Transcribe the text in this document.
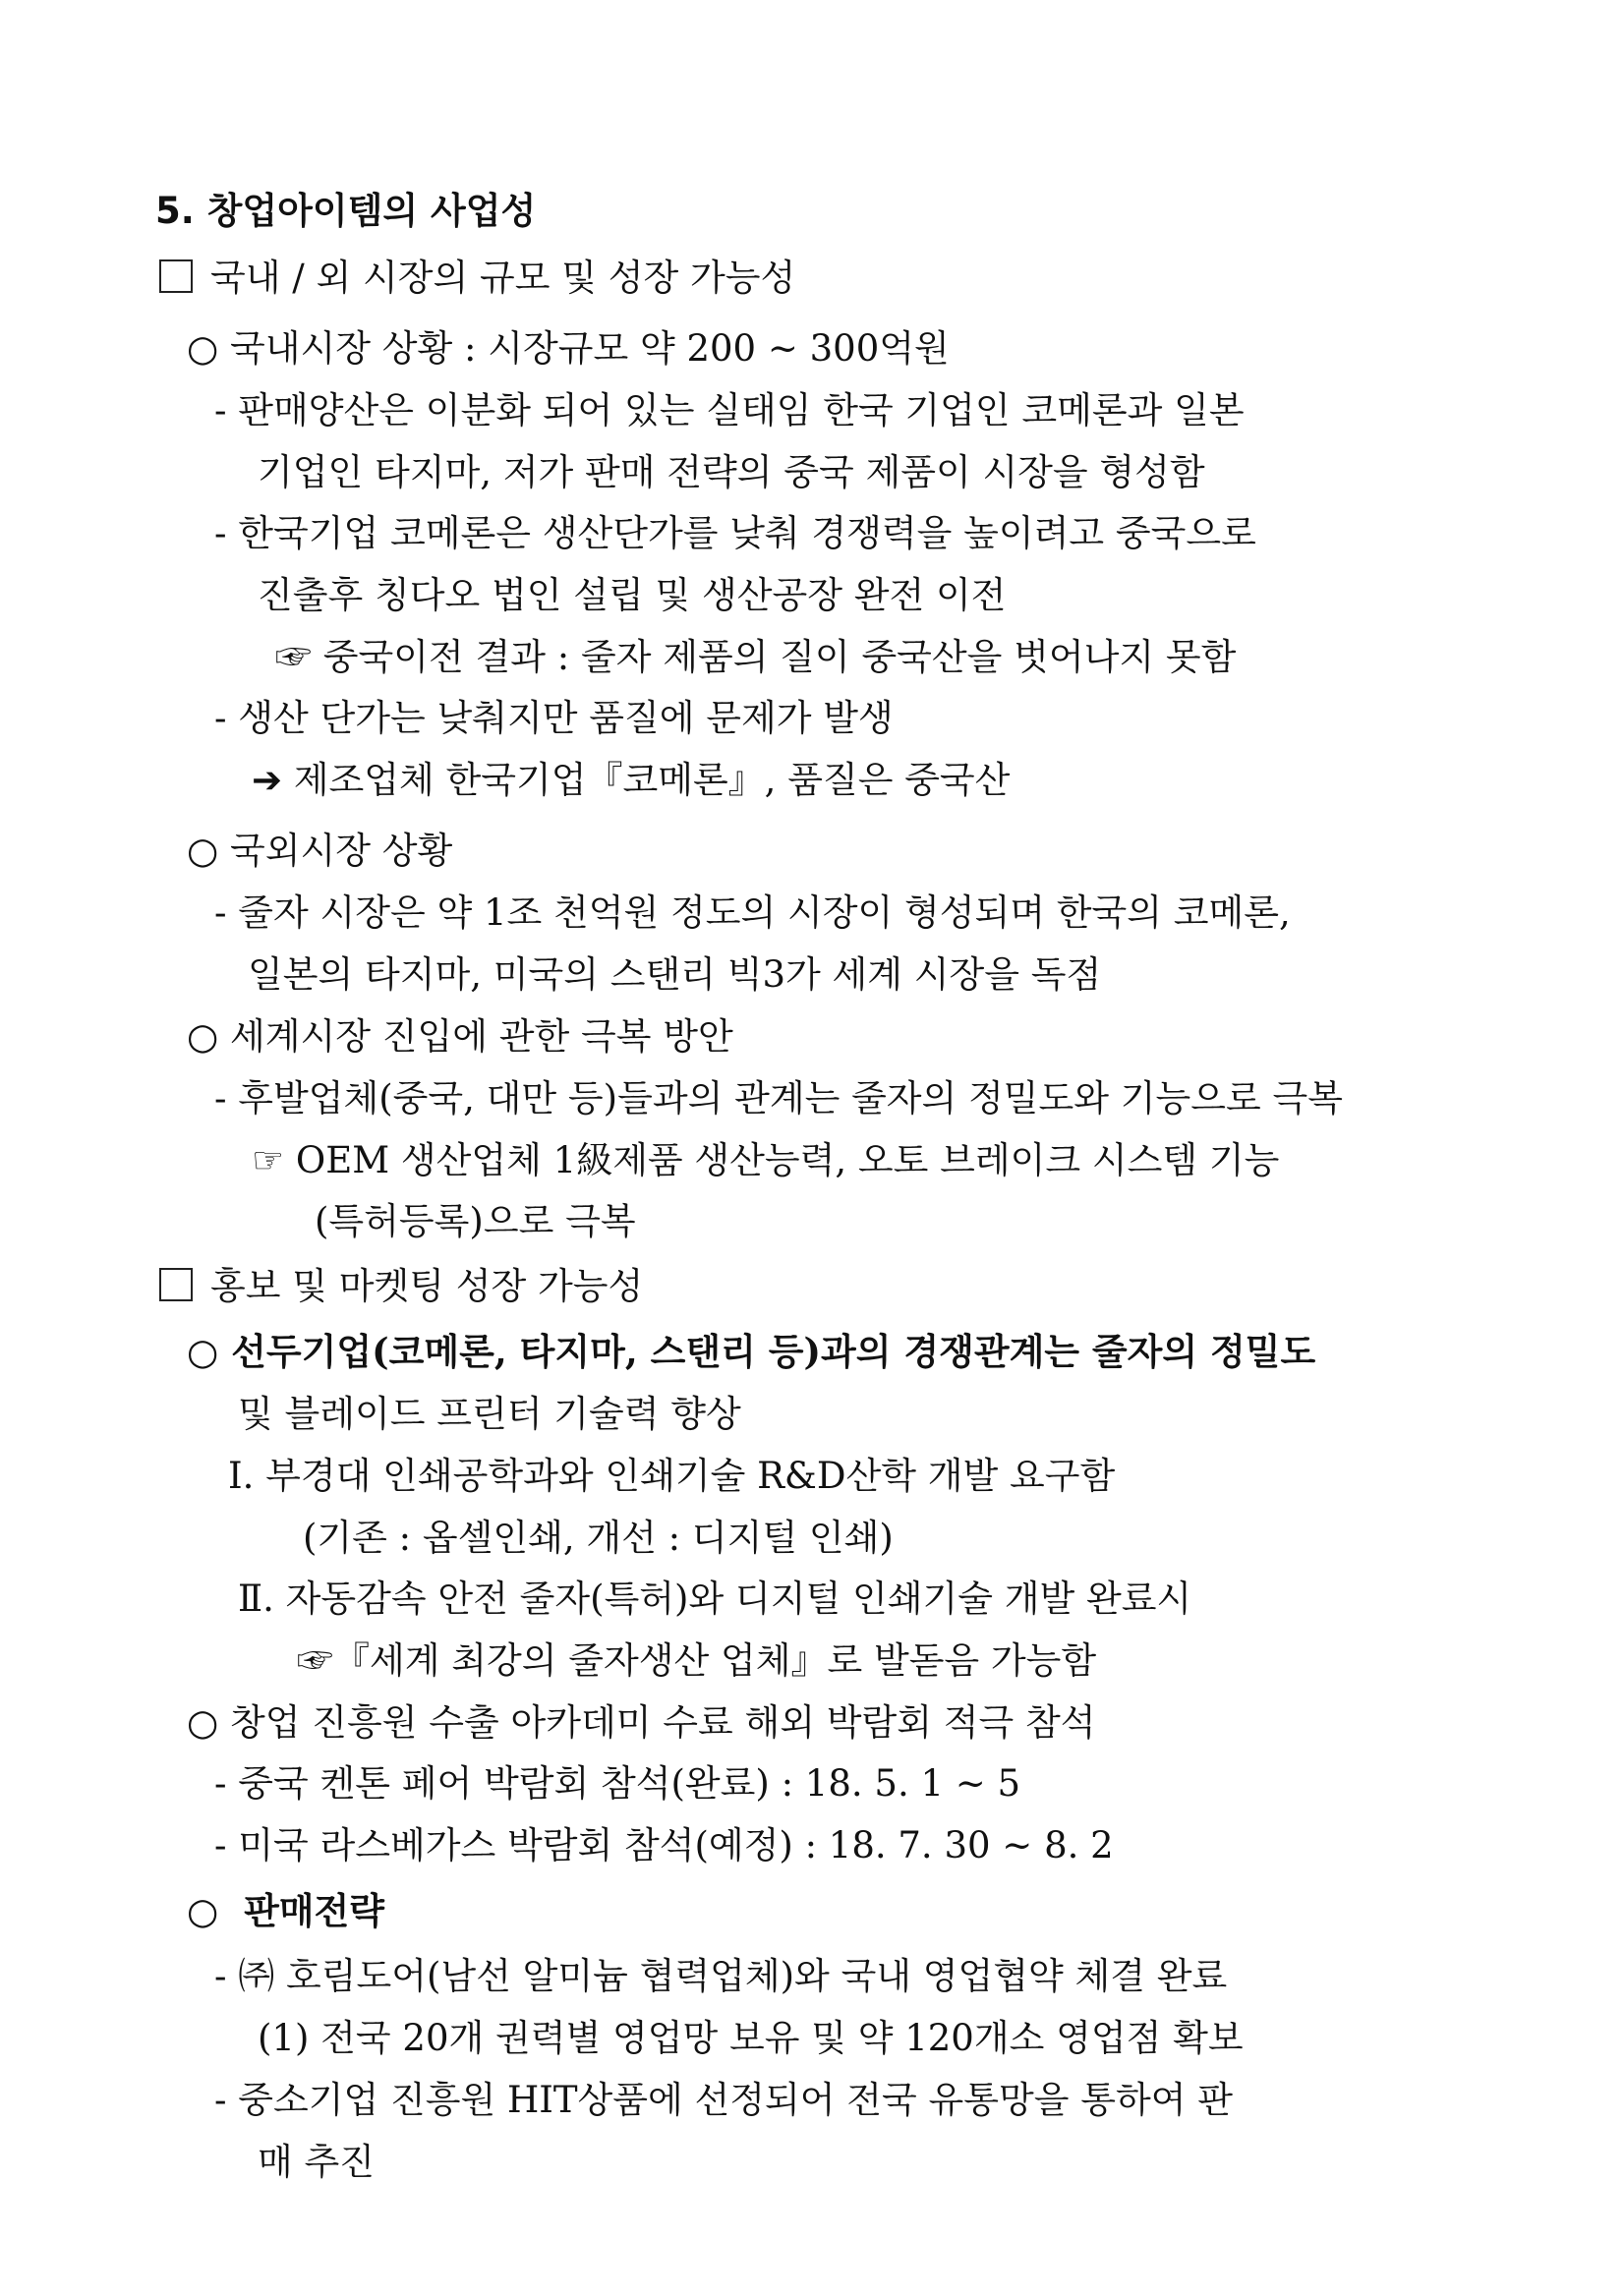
5. 창업아이템의 사업성
국내 / 외 시장의 규모 및 성장 가능성
○ 국내시장 상황 : 시장규모 약 200 ~ 300억원
- 판매양산은 이분화 되어 있는 실태임 한국 기업인 코메론과 일본
기업인 타지마, 저가 판매 전략의 중국 제품이 시장을 형성함
- 한국기업 코메론은 생산단가를 낮춰 경쟁력을 높이려고 중국으로
진출후 칭다오 법인 설립 및 생산공장 완전 이전
☞ 중국이전 결과 : 줄자 제품의 질이 중국산을 벗어나지 못함
- 생산 단가는 낮춰지만 품질에 문제가 발생
➔ 제조업체 한국기업『코메론』, 품질은 중국산
○ 국외시장 상황
- 줄자 시장은 약 1조 천억원 정도의 시장이 형성되며 한국의 코메론,
일본의 타지마, 미국의 스탠리 빅3가 세계 시장을 독점
○ 세계시장 진입에 관한 극복 방안
- 후발업체(중국, 대만 등)들과의 관계는 줄자의 정밀도와 기능으로 극복
☞ OEM 생산업체 1級제품 생산능력, 오토 브레이크 시스템 기능
(특허등록)으로 극복
홍보 및 마켓팅 성장 가능성
○ 선두기업(코메론, 타지마, 스탠리 등)과의 경쟁관계는 줄자의 정밀도
및 블레이드 프린터 기술력 향상
Ⅰ. 부경대 인쇄공학과와 인쇄기술 R&D산학 개발 요구함
(기존 : 옵셀인쇄, 개선 : 디지털 인쇄)
Ⅱ. 자동감속 안전 줄자(특허)와 디지털 인쇄기술 개발 완료시
☞『세계 최강의 줄자생산 업체』로 발돋음 가능함
○ 창업 진흥원 수출 아카데미 수료 해외 박람회 적극 참석
- 중국 켄톤 페어 박람회 참석(완료) : 18. 5. 1 ~ 5
- 미국 라스베가스 박람회 참석(예정) : 18. 7. 30 ~ 8. 2
○ 판매전략
- ㈜ 호림도어(남선 알미늄 협력업체)와 국내 영업협약 체결 완료
(1) 전국 20개 권력별 영업망 보유 및 약 120개소 영업점 확보
- 중소기업 진흥원 HIT상품에 선정되어 전국 유통망을 통하여 판
매 추진
